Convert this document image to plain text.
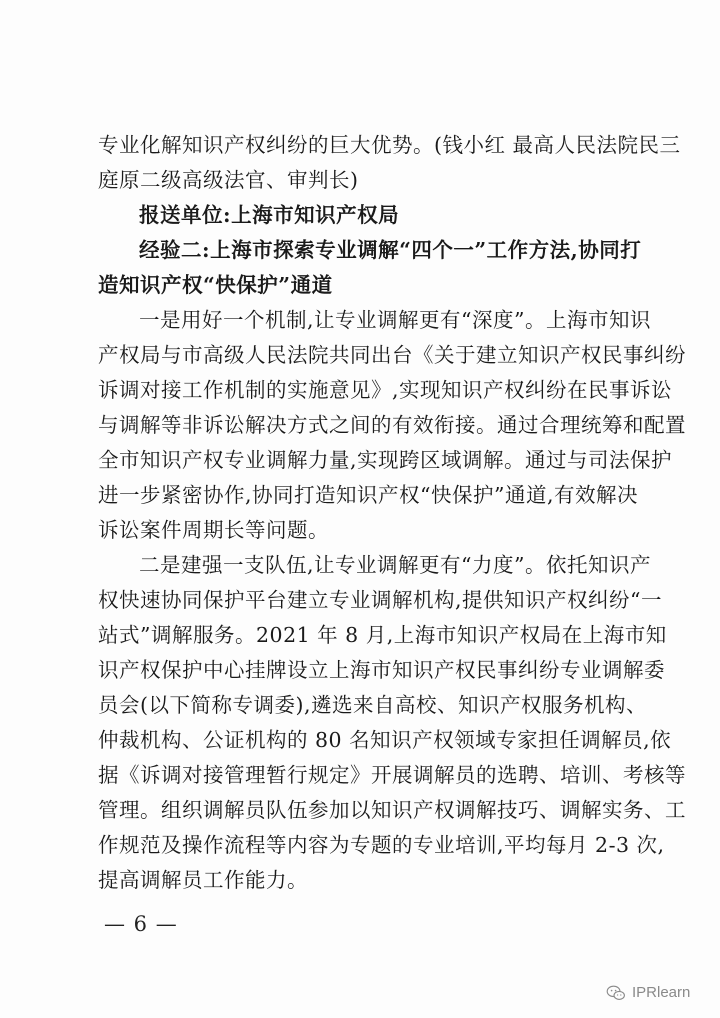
专业化解知识产权纠纷的巨大优势。(钱小红 最高人民法院民三
庭原二级高级法官、审判长)

报送单位:上海市知识产权局

经验二:上海市探索专业调解“四个一”工作方法,协同打
造知识产权“快保护”通道

一是用好一个机制,让专业调解更有“深度”。上海市知识
产权局与市高级人民法院共同出台《关于建立知识产权民事纠纷
诉调对接工作机制的实施意见》,实现知识产权纠纷在民事诉讼
与调解等非诉讼解决方式之间的有效衔接。通过合理统筹和配置
全市知识产权专业调解力量,实现跨区域调解。通过与司法保护
进一步紧密协作,协同打造知识产权“快保护”通道,有效解决
诉讼案件周期长等问题。

二是建强一支队伍,让专业调解更有“力度”。依托知识产
权快速协同保护平台建立专业调解机构,提供知识产权纠纷“一
站式”调解服务。2021 年 8 月,上海市知识产权局在上海市知
识产权保护中心挂牌设立上海市知识产权民事纠纷专业调解委
员会(以下简称专调委),遴选来自高校、知识产权服务机构、
仲裁机构、公证机构的 80 名知识产权领域专家担任调解员,依
据《诉调对接管理暂行规定》开展调解员的选聘、培训、考核等
管理。组织调解员队伍参加以知识产权调解技巧、调解实务、工
作规范及操作流程等内容为专题的专业培训,平均每月 2-3 次,
提高调解员工作能力。

— 6 —
IPRlearn
